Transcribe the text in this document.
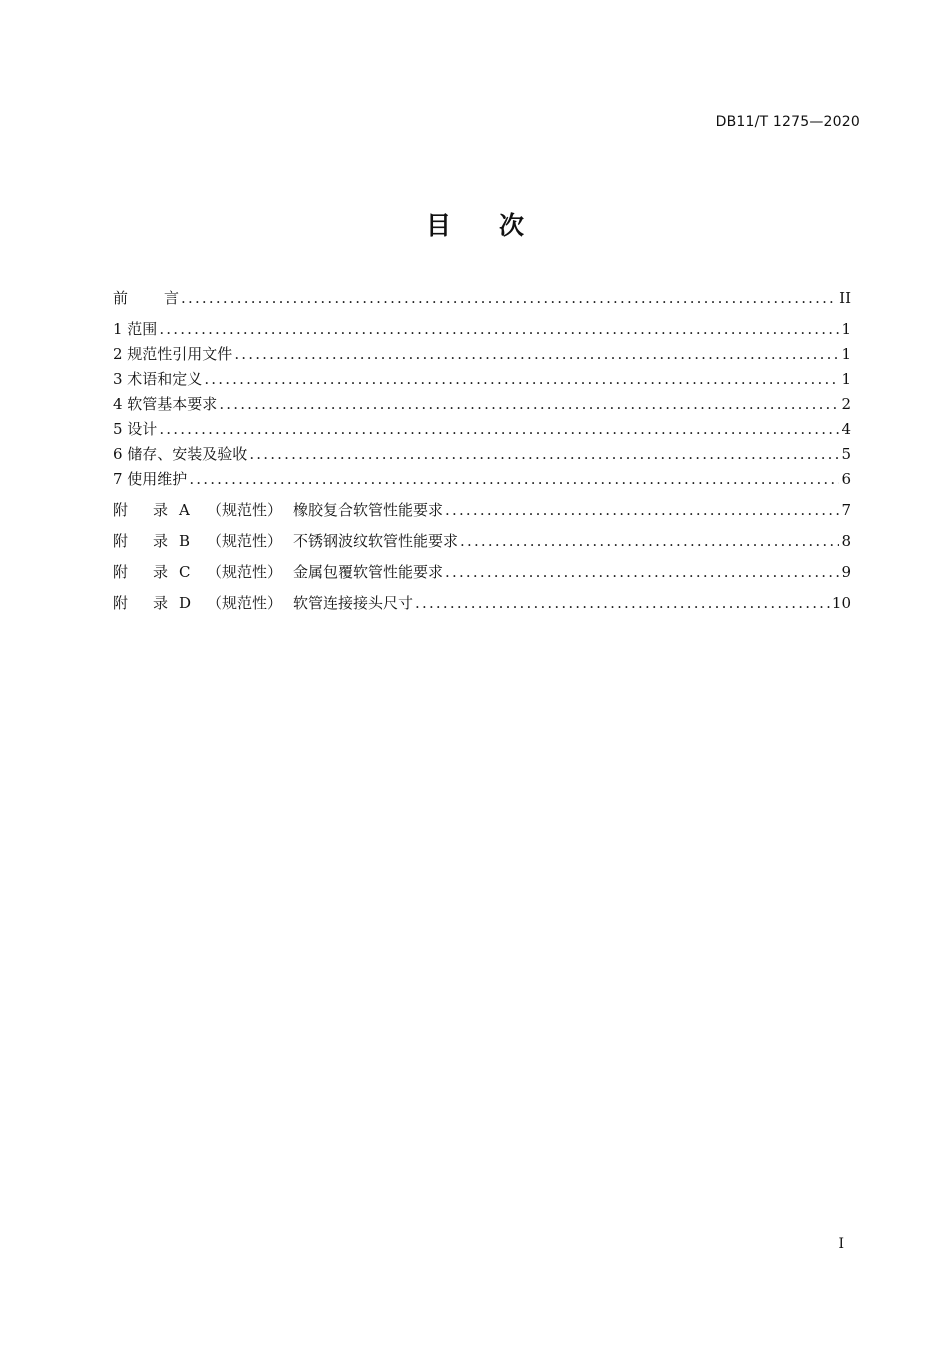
DB11/T 1275—2020
目 次
前 言 .....	II
1 范围 .....	1
2 规范性引用文件 .....	1
3 术语和定义 .....	1
4 软管基本要求 .....	2
5 设计 .....	4
6 储存、安装及验收 .....	5
7 使用维护 .....	6
附 录 A （规范性） 橡胶复合软管性能要求 .....	7
附 录 B （规范性） 不锈钢波纹软管性能要求 .....	8
附 录 C （规范性） 金属包覆软管性能要求 .....	9
附 录 D （规范性） 软管连接接头尺寸 .....	10
I
